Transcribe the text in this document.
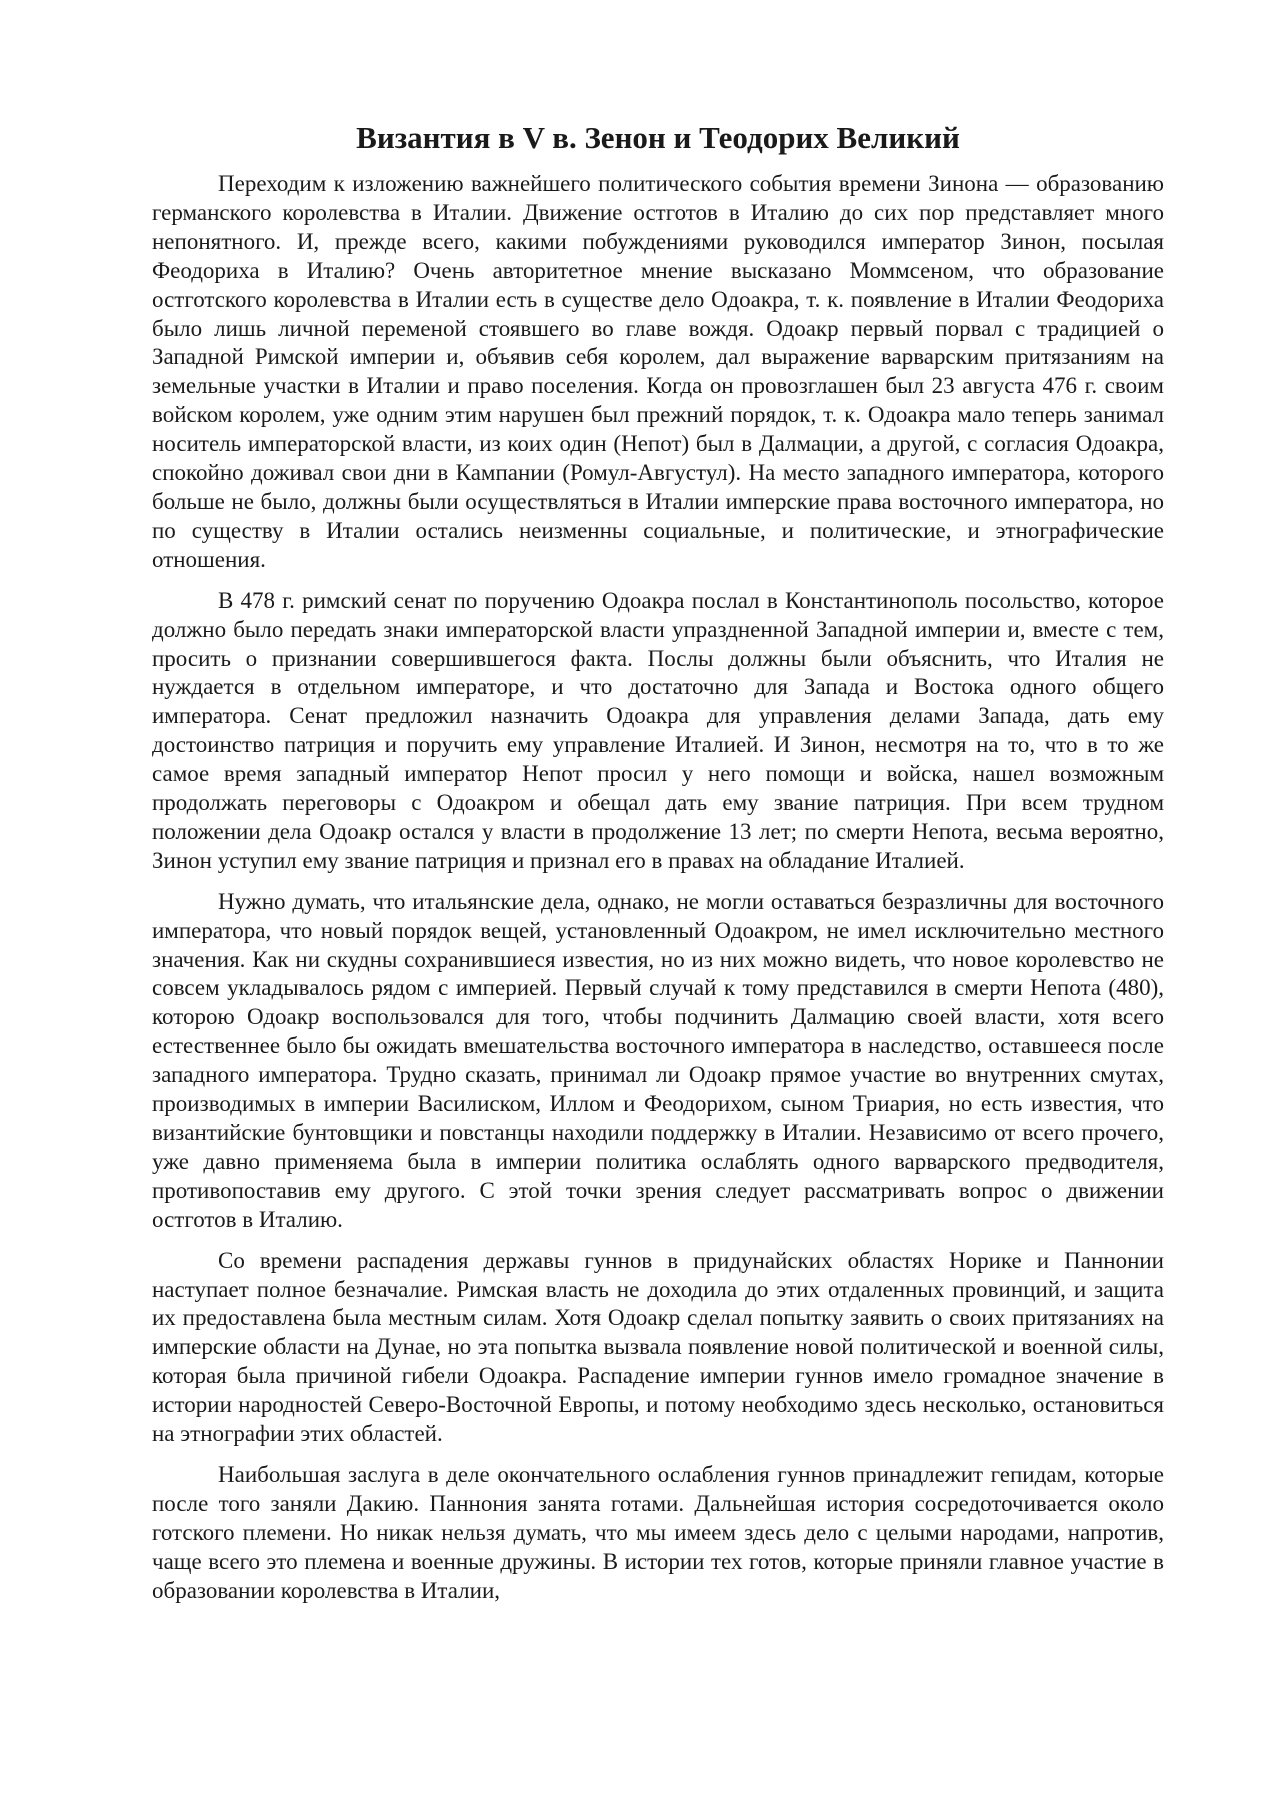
Византия в V в. Зенон и Теодорих Великий

Переходим к изложению важнейшего политического события времени Зинона — образованию германского королевства в Италии. Движение остготов в Италию до сих пор представляет много непонятного. И, прежде всего, какими побуждениями руководился император Зинон, посылая Феодориха в Италию? Очень авторитетное мнение высказано Моммсеном, что образование остготского королевства в Италии есть в существе дело Одоакра, т. к. появление в Италии Феодориха было лишь личной переменой стоявшего во главе вождя. Одоакр первый порвал с традицией о Западной Римской империи и, объявив себя королем, дал выражение варварским притязаниям на земельные участки в Италии и право поселения. Когда он провозглашен был 23 августа 476 г. своим войском королем, уже одним этим нарушен был прежний порядок, т. к. Одоакра мало теперь занимал носитель императорской власти, из коих один (Непот) был в Далмации, а другой, с согласия Одоакра, спокойно доживал свои дни в Кампании (Ромул-Августул). На место западного императора, которого больше не было, должны были осуществляться в Италии имперские права восточного императора, но по существу в Италии остались неизменны социальные, и политические, и этнографические отношения.

В 478 г. римский сенат по поручению Одоакра послал в Константинополь посольство, которое должно было передать знаки императорской власти упраздненной Западной империи и, вместе с тем, просить о признании совершившегося факта. Послы должны были объяснить, что Италия не нуждается в отдельном императоре, и что достаточно для Запада и Востока одного общего императора. Сенат предложил назначить Одоакра для управления делами Запада, дать ему достоинство патриция и поручить ему управление Италией. И Зинон, несмотря на то, что в то же самое время западный император Непот просил у него помощи и войска, нашел возможным продолжать переговоры с Одоакром и обещал дать ему звание патриция. При всем трудном положении дела Одоакр остался у власти в продолжение 13 лет; по смерти Непота, весьма вероятно, Зинон уступил ему звание патриция и признал его в правах на обладание Италией.

Нужно думать, что итальянские дела, однако, не могли оставаться безразличны для восточного императора, что новый порядок вещей, установленный Одоакром, не имел исключительно местного значения. Как ни скудны сохранившиеся известия, но из них можно видеть, что новое королевство не совсем укладывалось рядом с империей. Первый случай к тому представился в смерти Непота (480), которою Одоакр воспользовался для того, чтобы подчинить Далмацию своей власти, хотя всего естественнее было бы ожидать вмешательства восточного императора в наследство, оставшееся после западного императора. Трудно сказать, принимал ли Одоакр прямое участие во внутренних смутах, производимых в империи Василиском, Иллом и Феодорихом, сыном Триария, но есть известия, что византийские бунтовщики и повстанцы находили поддержку в Италии. Независимо от всего прочего, уже давно применяема была в империи политика ослаблять одного варварского предводителя, противопоставив ему другого. С этой точки зрения следует рассматривать вопрос о движении остготов в Италию.

Со времени распадения державы гуннов в придунайских областях Норике и Паннонии наступает полное безначалие. Римская власть не доходила до этих отдаленных провинций, и защита их предоставлена была местным силам. Хотя Одоакр сделал попытку заявить о своих притязаниях на имперские области на Дунае, но эта попытка вызвала появление новой политической и военной силы, которая была причиной гибели Одоакра. Распадение империи гуннов имело громадное значение в истории народностей Северо-Восточной Европы, и потому необходимо здесь несколько, остановиться на этнографии этих областей.

Наибольшая заслуга в деле окончательного ослабления гуннов принадлежит гепидам, которые после того заняли Дакию. Паннония занята готами. Дальнейшая история сосредоточивается около готского племени. Но никак нельзя думать, что мы имеем здесь дело с целыми народами, напротив, чаще всего это племена и военные дружины. В истории тех готов, которые приняли главное участие в образовании королевства в Италии,
